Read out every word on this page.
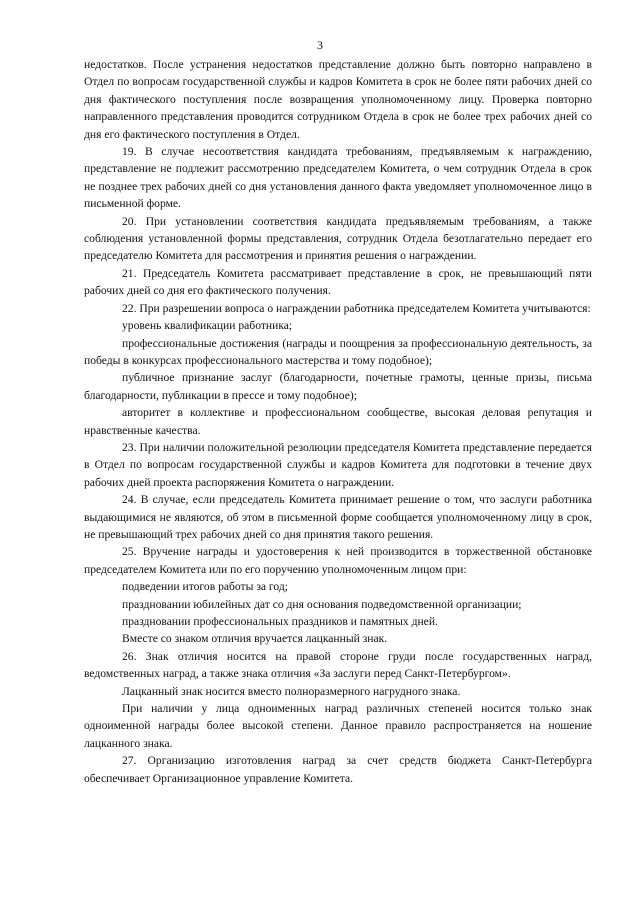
3

недостатков. После устранения недостатков представление должно быть повторно направлено в Отдел по вопросам государственной службы и кадров Комитета в срок не более пяти рабочих дней со дня фактического поступления после возвращения уполномоченному лицу. Проверка повторно направленного представления проводится сотрудником Отдела в срок не более трех рабочих дней со дня его фактического поступления в Отдел.

19. В случае несоответствия кандидата требованиям, предъявляемым к награждению, представление не подлежит рассмотрению председателем Комитета, о чем сотрудник Отдела в срок не позднее трех рабочих дней со дня установления данного факта уведомляет уполномоченное лицо в письменной форме.

20. При установлении соответствия кандидата предъявляемым требованиям, а также соблюдения установленной формы представления, сотрудник Отдела безотлагательно передает его председателю Комитета для рассмотрения и принятия решения о награждении.

21. Председатель Комитета рассматривает представление в срок, не превышающий пяти рабочих дней со дня его фактического получения.

22. При разрешении вопроса о награждении работника председателем Комитета учитываются:

уровень квалификации работника;

профессиональные достижения (награды и поощрения за профессиональную деятельность, за победы в конкурсах профессионального мастерства и тому подобное);

публичное признание заслуг (благодарности, почетные грамоты, ценные призы, письма благодарности, публикации в прессе и тому подобное);

авторитет в коллективе и профессиональном сообществе, высокая деловая репутация и нравственные качества.

23. При наличии положительной резолюции председателя Комитета представление передается в Отдел по вопросам государственной службы и кадров Комитета для подготовки в течение двух рабочих дней проекта распоряжения Комитета о награждении.

24. В случае, если председатель Комитета принимает решение о том, что заслуги работника выдающимися не являются, об этом в письменной форме сообщается уполномоченному лицу в срок, не превышающий трех рабочих дней со дня принятия такого решения.

25. Вручение награды и удостоверения к ней производится в торжественной обстановке председателем Комитета или по его поручению уполномоченным лицом при:

подведении итогов работы за год;

праздновании юбилейных дат со дня основания подведомственной организации;

праздновании профессиональных праздников и памятных дней.

Вместе со знаком отличия вручается лацканный знак.

26. Знак отличия носится на правой стороне груди после государственных наград, ведомственных наград, а также знака отличия «За заслуги перед Санкт-Петербургом».

Лацканный знак носится вместо полноразмерного нагрудного знака.

При наличии у лица одноименных наград различных степеней носится только знак одноименной награды более высокой степени. Данное правило распространяется на ношение лацканного знака.

27. Организацию изготовления наград за счет средств бюджета Санкт-Петербурга обеспечивает Организационное управление Комитета.
